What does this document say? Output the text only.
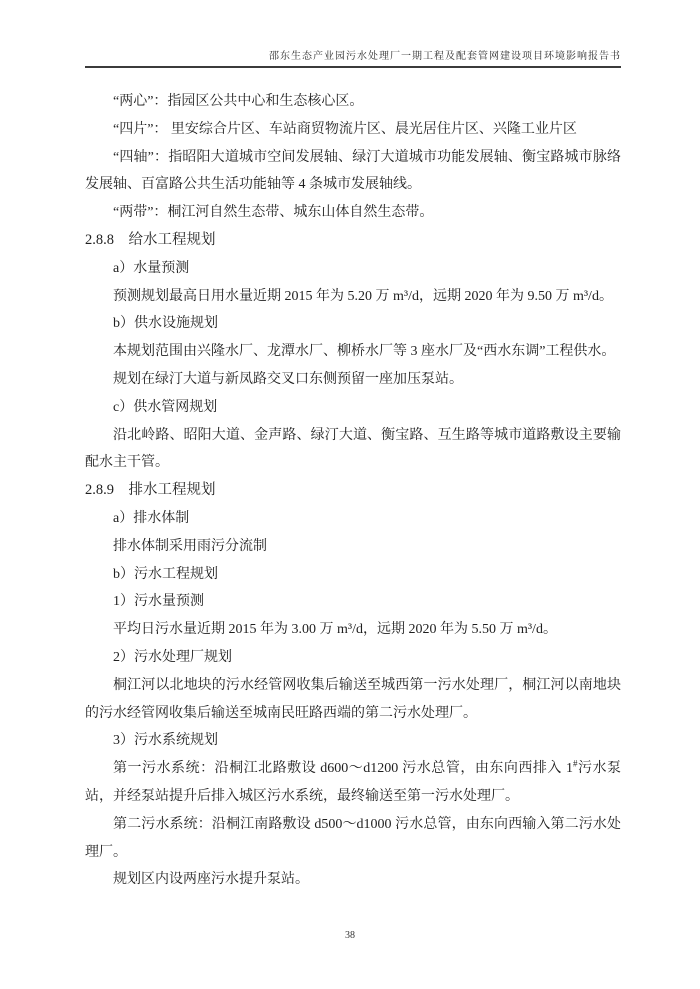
邵东生态产业园污水处理厂一期工程及配套管网建设项目环境影响报告书

“两心”：指园区公共中心和生态核心区。

“四片”： 里安综合片区、车站商贸物流片区、晨光居住片区、兴隆工业片区

“四轴”：指昭阳大道城市空间发展轴、绿汀大道城市功能发展轴、衡宝路城市脉络发展轴、百富路公共生活功能轴等 4 条城市发展轴线。

“两带”：桐江河自然生态带、城东山体自然生态带。

2.8.8　给水工程规划

a）水量预测

预测规划最高日用水量近期 2015 年为 5.20 万 m³/d，远期 2020 年为 9.50 万 m³/d。

b）供水设施规划

本规划范围由兴隆水厂、龙潭水厂、柳桥水厂等 3 座水厂及“西水东调”工程供水。

规划在绿汀大道与新凤路交叉口东侧预留一座加压泵站。

c）供水管网规划

沿北岭路、昭阳大道、金声路、绿汀大道、衡宝路、互生路等城市道路敷设主要输配水主干管。

2.8.9　排水工程规划

a）排水体制

排水体制采用雨污分流制

b）污水工程规划

1）污水量预测

平均日污水量近期 2015 年为 3.00 万 m³/d，远期 2020 年为 5.50 万 m³/d。

2）污水处理厂规划

桐江河以北地块的污水经管网收集后输送至城西第一污水处理厂，桐江河以南地块的污水经管网收集后输送至城南民旺路西端的第二污水处理厂。

3）污水系统规划

第一污水系统：沿桐江北路敷设 d600～d1200 污水总管，由东向西排入 1#污水泵站，并经泵站提升后排入城区污水系统，最终输送至第一污水处理厂。

第二污水系统：沿桐江南路敷设 d500～d1000 污水总管，由东向西输入第二污水处理厂。

规划区内设两座污水提升泵站。

38
